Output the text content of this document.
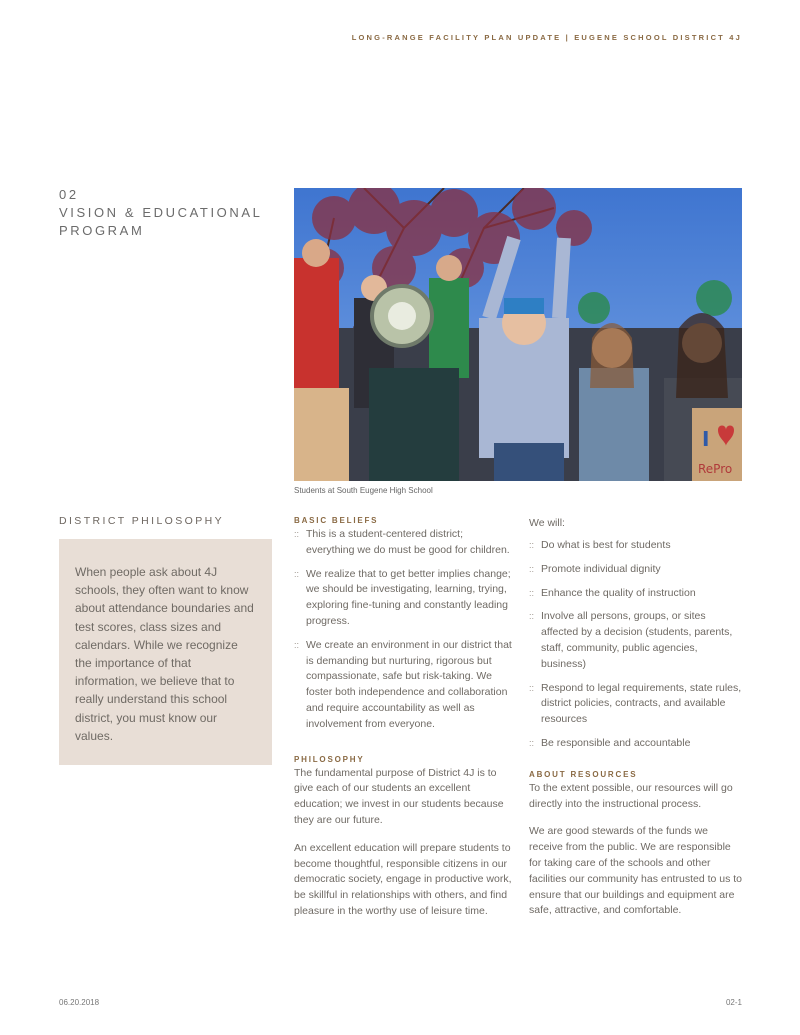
LONG-RANGE FACILITY PLAN UPDATE | EUGENE SCHOOL DISTRICT 4J
02
VISION & EDUCATIONAL
PROGRAM
I
RePro
Students at South Eugene High School
DISTRICT PHILOSOPHY

When people ask about 4J schools, they often want to know about attendance boundaries and test scores, class sizes and calendars. While we recognize the importance of that information, we believe that to really understand this school district, you must know our values.

BASIC BELIEFS
:: This is a student-centered district; everything we do must be good for children.
:: We realize that to get better implies change; we should be investigating, learning, trying, exploring fine-tuning and constantly leading progress.
:: We create an environment in our district that is demanding but nurturing, rigorous but compassionate, safe but risk-taking. We foster both independence and collaboration and require accountability as well as involvement from everyone.
PHILOSOPHY

The fundamental purpose of District 4J is to give each of our students an excellent education; we invest in our students because they are our future.

An excellent education will prepare students to become thoughtful, responsible citizens in our democratic society, engage in productive work, be skillful in relationships with others, and find pleasure in the worthy use of leisure time.

We will:

:: Do what is best for students
:: Promote individual dignity
:: Enhance the quality of instruction
:: Involve all persons, groups, or sites affected by a decision (students, parents, staff, community, public agencies, business)
:: Respond to legal requirements, state rules, district policies, contracts, and available resources
:: Be responsible and accountable
ABOUT RESOURCES

To the extent possible, our resources will go directly into the instructional process.

We are good stewards of the funds we receive from the public. We are responsible for taking care of the schools and other facilities our community has entrusted to us to ensure that our buildings and equipment are safe, attractive, and comfortable.

06.20.2018	02-1
